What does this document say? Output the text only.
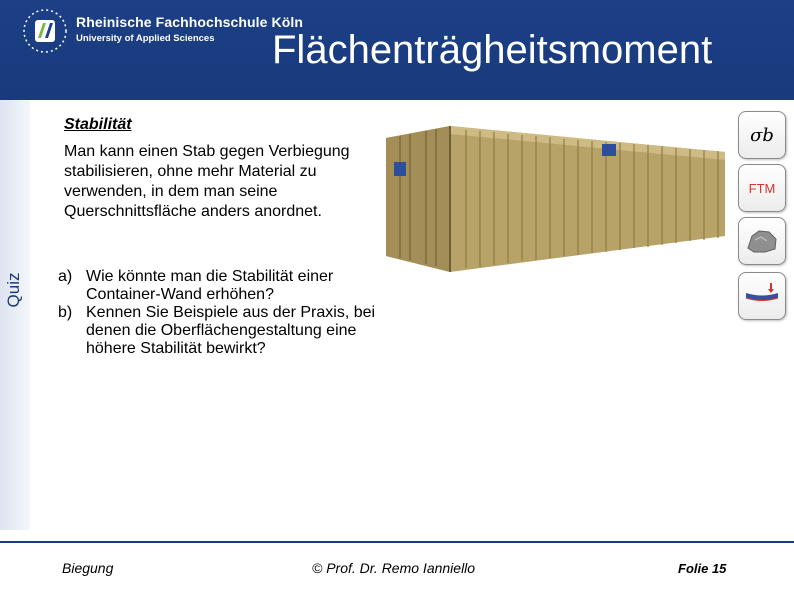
Rheinische Fachhochschule Köln
University of Applied Sciences Flächenträgheitsmoment
Quiz
Stabilität
Man kann einen Stab gegen Verbiegung stabilisieren, ohne mehr Material zu verwenden, in dem man seine Querschnittsfläche anders anordnet.
a) Wie könnte man die Stabilität einer Container-Wand erhöhen?
b) Kennen Sie Beispiele aus der Praxis, bei denen die Oberflächengestaltung eine höhere Stabilität bewirkt?
σb
FTM
Biegung	© Prof. Dr. Remo Ianniello	Folie 15
